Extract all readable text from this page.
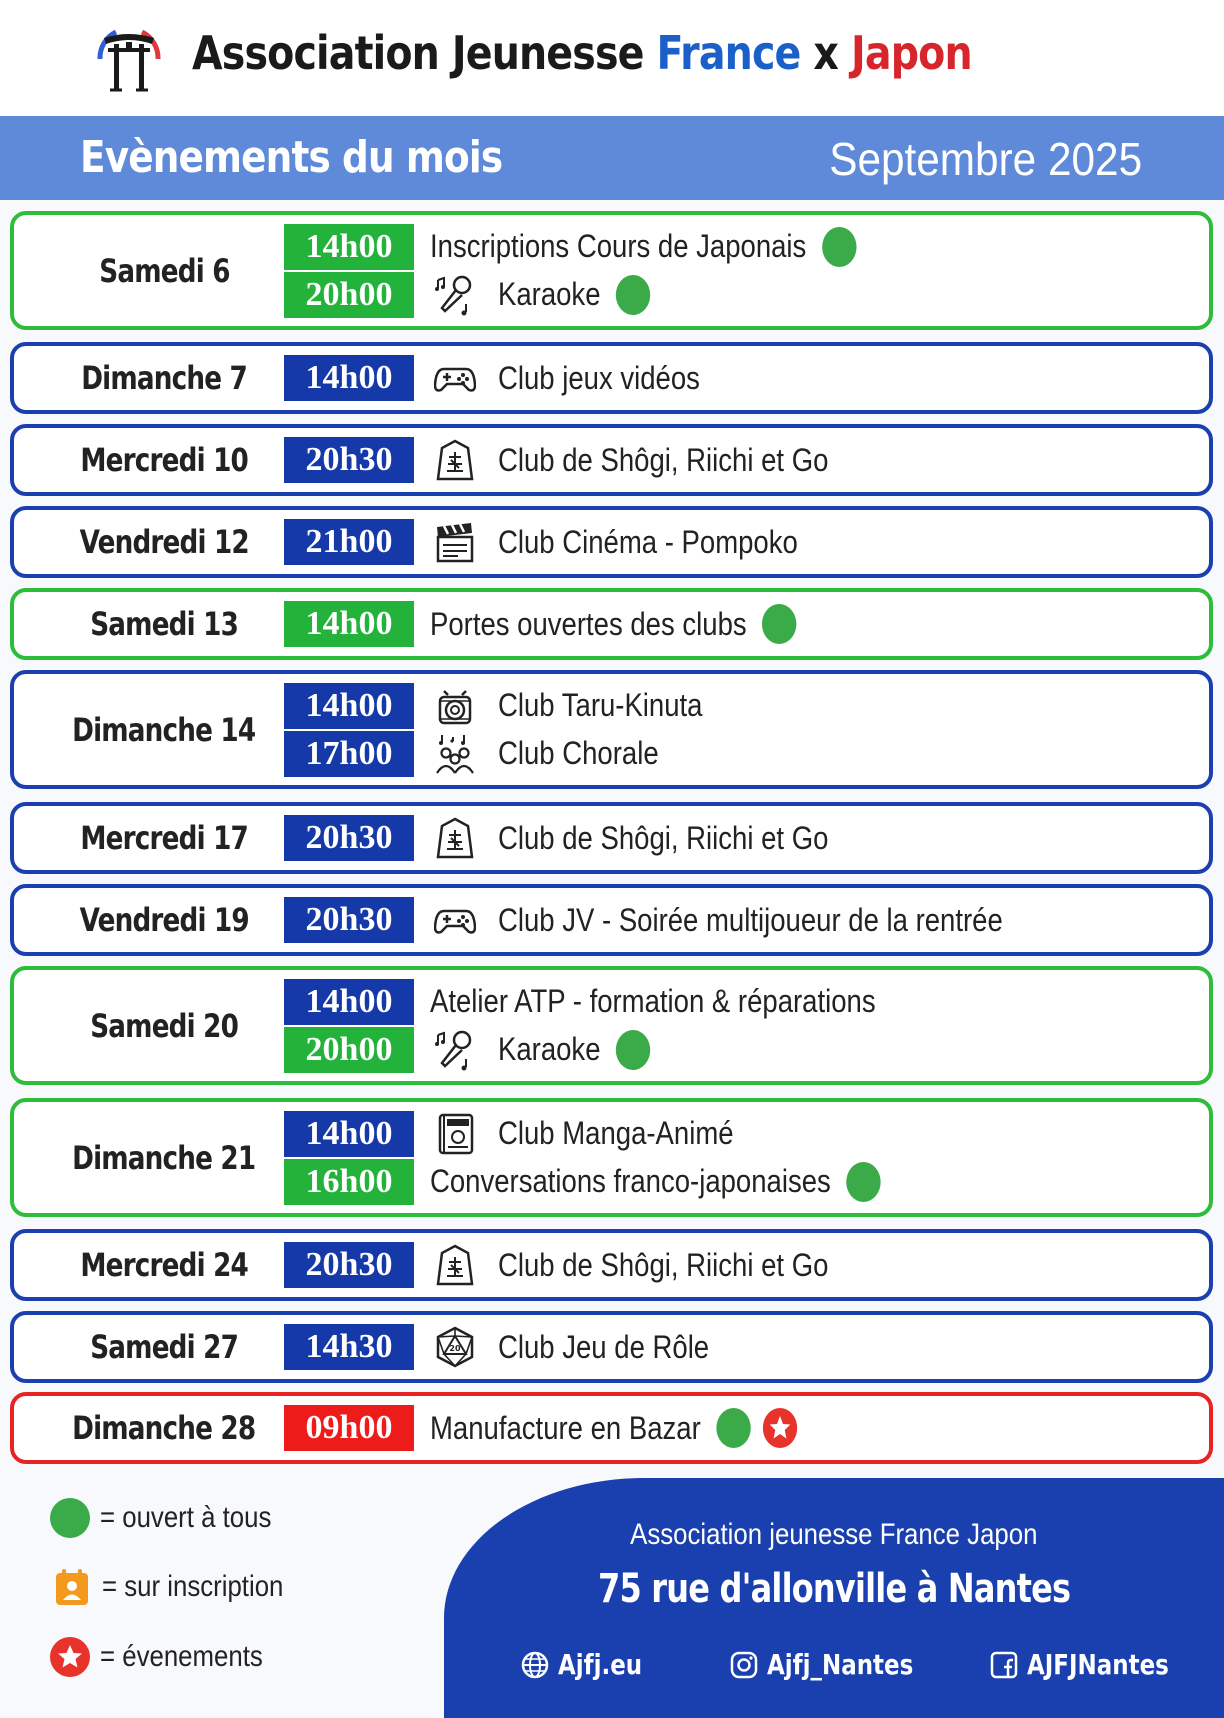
Association Jeunesse France x Japon
Evènements du mois	Septembre 2025
Samedi 6
14h00	Inscriptions Cours de Japonais
20h00	Karaoke
Dimanche 7	14h00	Club jeux vidéos
Mercredi 10	20h30	Club de Shôgi, Riichi et Go
Vendredi 12	21h00	Club Cinéma - Pompoko
Samedi 13	14h00	Portes ouvertes des clubs
Dimanche 14
14h00	Club Taru-Kinuta
17h00	Club Chorale
Mercredi 17	20h30	Club de Shôgi, Riichi et Go
Vendredi 19	20h30	Club JV - Soirée multijoueur de la rentrée
Samedi 20
14h00	Atelier ATP - formation & réparations
20h00	Karaoke
Dimanche 21
14h00	Club Manga-Animé
16h00	Conversations franco-japonaises
Mercredi 24	20h30	Club de Shôgi, Riichi et Go
Samedi 27	14h30	20 Club Jeu de Rôle
Dimanche 28	09h00	Manufacture en Bazar
= ouvert à tous
= sur inscription
= évenements
Association jeunesse France Japon
75 rue d'allonville à Nantes
Ajfj.eu	Ajfj_Nantes	AJFJNantes
